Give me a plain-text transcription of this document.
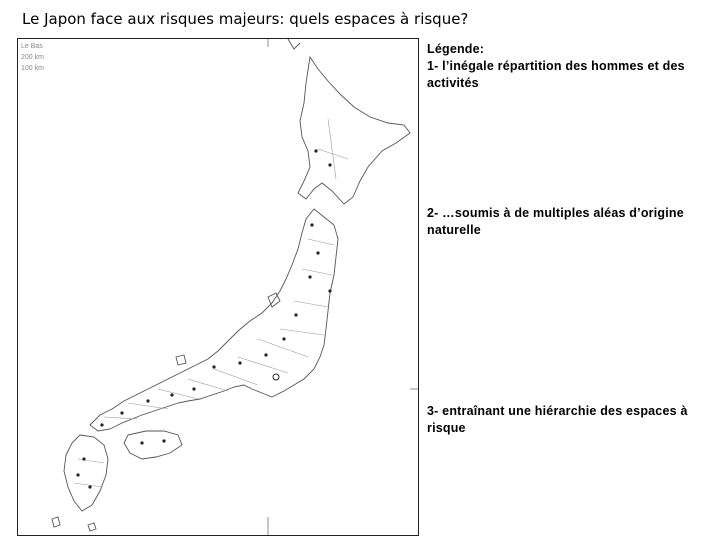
Le Japon face aux risques majeurs: quels espaces à risque?
Le Bas
200 km
100 km
Légende:
1- l’inégale répartition des hommes et des activités
2- …soumis à de multiples aléas d’origine naturelle
3- entraînant une hiérarchie des espaces à risque
